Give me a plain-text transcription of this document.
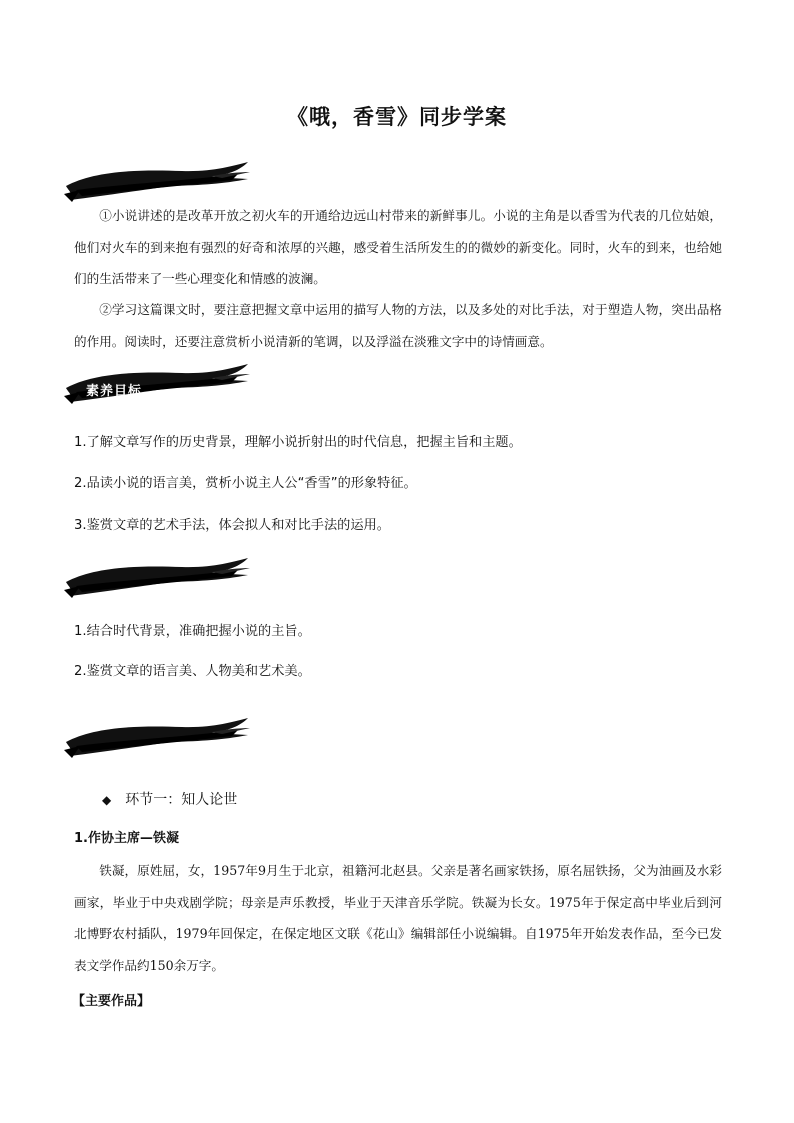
《哦，香雪》同步学案

①小说讲述的是改革开放之初火车的开通给边远山村带来的新鲜事儿。小说的主角是以香雪为代表的几位姑娘，他们对火车的到来抱有强烈的好奇和浓厚的兴趣，感受着生活所发生的的微妙的新变化。同时，火车的到来，也给她们的生活带来了一些心理变化和情感的波澜。

②学习这篇课文时，要注意把握文章中运用的描写人物的方法，以及多处的对比手法，对于塑造人物，突出品格的作用。阅读时，还要注意赏析小说清新的笔调，以及浮溢在淡雅文字中的诗情画意。

素养目标

1.了解文章写作的历史背景，理解小说折射出的时代信息，把握主旨和主题。

2.品读小说的语言美，赏析小说主人公“香雪”的形象特征。

3.鉴赏文章的艺术手法，体会拟人和对比手法的运用。

1.结合时代背景，准确把握小说的主旨。

2.鉴赏文章的语言美、人物美和艺术美。

◆ 环节一：知人论世
1.作协主席—铁凝

铁凝，原姓屈，女，1957年9月生于北京，祖籍河北赵县。父亲是著名画家铁扬，原名屈铁扬，父为油画及水彩画家，毕业于中央戏剧学院；母亲是声乐教授，毕业于天津音乐学院。铁凝为长女。1975年于保定高中毕业后到河北博野农村插队，1979年回保定，在保定地区文联《花山》编辑部任小说编辑。自1975年开始发表作品，至今已发表文学作品约150余万字。

【主要作品】
